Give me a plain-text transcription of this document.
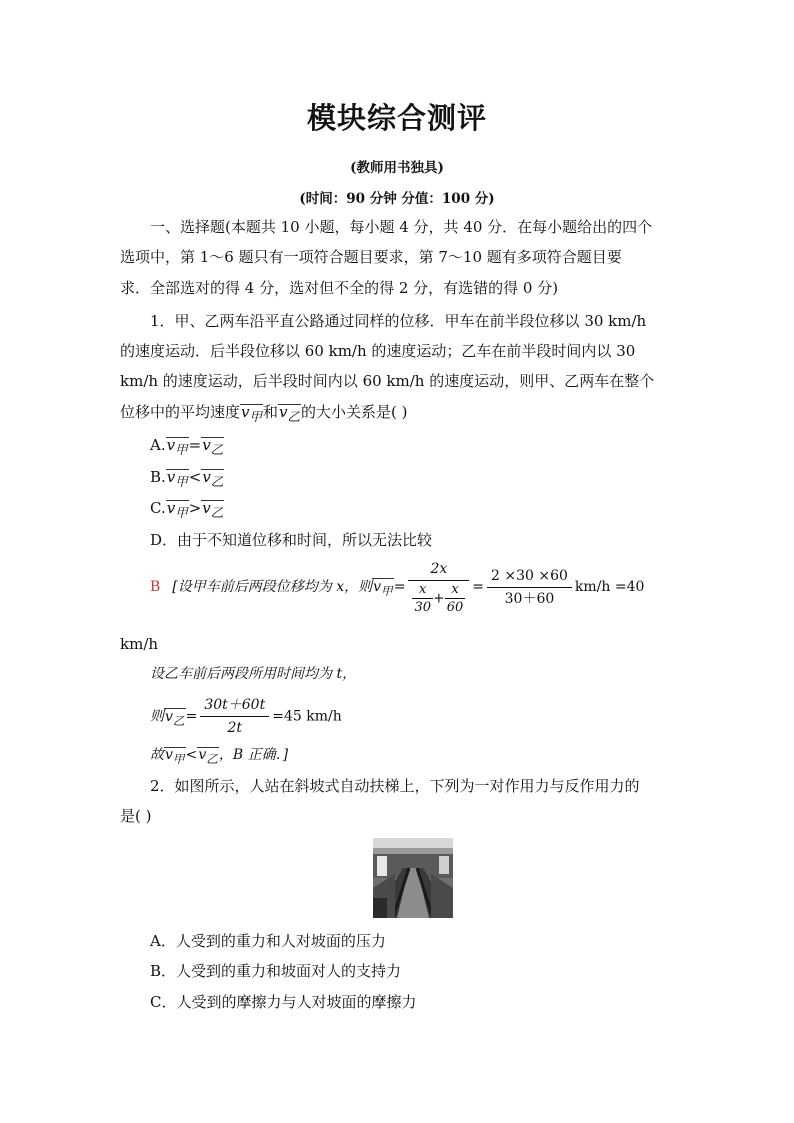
模块综合测评
(教师用书独具)
(时间：90 分钟 分值：100 分)
一、选择题(本题共 10 小题，每小题 4 分，共 40 分．在每小题给出的四个
选项中，第 1～6 题只有一项符合题目要求，第 7～10 题有多项符合题目要
求．全部选对的得 4 分，选对但不全的得 2 分，有选错的得 0 分)
1．甲、乙两车沿平直公路通过同样的位移．甲车在前半段位移以 30 km/h
的速度运动．后半段位移以 60 km/h 的速度运动；乙车在前半段时间内以 30
km/h 的速度运动，后半段时间内以 60 km/h 的速度运动，则甲、乙两车在整个
位移中的平均速度$v_甲$和$v_乙$的大小关系是( )
$A.v_甲=v_乙$
$B.v_甲<v_乙$
$C.v_甲>v_乙$
D．由于不知道位移和时间，所以无法比较
B [设甲车前后两段位移均为 x，则$v_甲= \frac{2x}{\frac{x}{30} + \frac{x}{60}} = \frac{2 \times 30 \times 60}{30+60} km/h =40$
km/h
设乙车前后两段所用时间均为 t，
则$v_乙= \frac{30t+60t}{2t} =45$ km/h
故$v_甲<v_乙$，B 正确．]
2．如图所示，人站在斜坡式自动扶梯上，下列为一对作用力与反作用力的
是( )
A．人受到的重力和人对坡面的压力
B．人受到的重力和坡面对人的支持力
C．人受到的摩擦力与人对坡面的摩擦力
